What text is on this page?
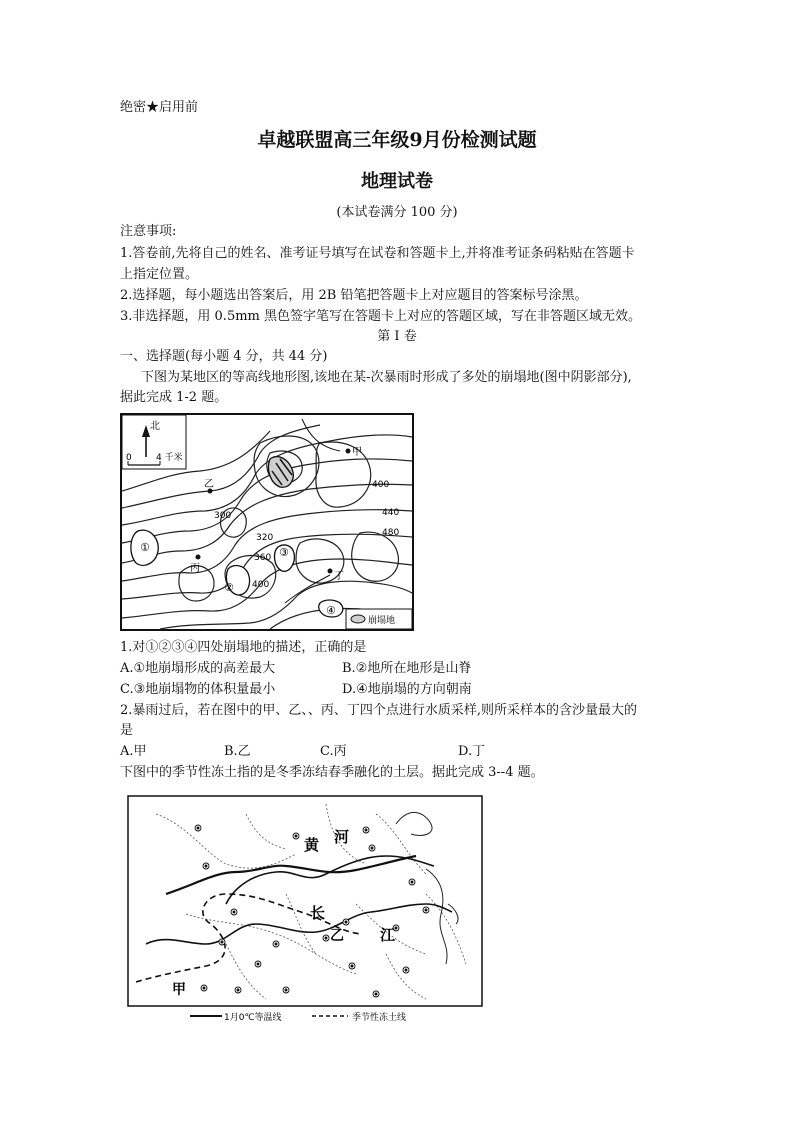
绝密★启用前
卓越联盟高三年级9月份检测试题
地理试卷
(本试卷满分 100 分)
注意事项:
1.答卷前,先将自己的姓名、准考证号填写在试卷和答题卡上,并将准考证条码粘贴在答题卡
上指定位置。
2.选择题，每小题选出答案后，用 2B 铅笔把答题卡上对应题目的答案标号涂黑。
3.非选择题，用 0.5mm 黑色签字笔写在答题卡上对应的答题区域，写在非答题区域无效。
第 I 卷
一、选择题(每小题 4 分，共 44 分)
下图为某地区的等高线地形图,该地在某-次暴雨时形成了多处的崩塌地(图中阴影部分),
据此完成 1-2 题。
北
0	4 千米	甲
乙
丙
丁
300
320
360
400
400
440
480
①
②
③
④
崩塌地
1.对①②③④四处崩塌地的描述，正确的是
A.①地崩塌形成的高差最大	B.②地所在地形是山脊
C.③地崩塌物的体积量最小	D.④地崩塌的方向朝南
2.暴雨过后，若在图中的甲、乙、、丙、丁四个点进行水质采样,则所采样本的含沙量最大的
是
A.甲	B.乙	C.丙	D.丁
下图中的季节性冻土指的是冬季冻结春季融化的土层。据此完成 3--4 题。
黄 河
长
江
乙
甲
1月0℃等温线	季节性冻土线
